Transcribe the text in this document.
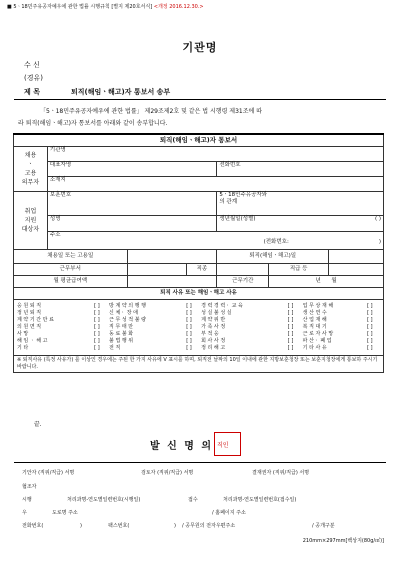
■ 5ㆍ18민주유공자예우에 관한 법률 시행규칙 [별지 제20호서식] <개정 2016.12.30.>
기관명
수 신
(경유)
제 목	퇴직(해임ㆍ해고)자 통보서 송부
「5ㆍ18민주유공자예우에 관한 법률」 제29조제2호 및 같은 법 시행령 제31조에 따
라 퇴직(해임ㆍ해고)자 통보서를 아래와 같이 송부합니다.
퇴직(해임ㆍ해고)자 통보서
채용
ㆍ
고용
의무자	기관명
대표자명	전화번호
소재지
취업
지원
대상자	보훈번호	5ㆍ18민주유공자와의 관계
성명	생년월일(성별)	( )

주소
(전화번호:	)

채용일 또는 고용일		퇴직(해임ㆍ해고)일	
근무부서		직종		직급 등	
월 평균급여액		근무기간	년 월
퇴직 사유 또는 해임ㆍ해고 사유

응 원 퇴 직	[ ]	방 계 약 의 행 행	[ ]	경 력 경 력ㆍ 교 육	[ ]	업 무 상 재 해	[ ]
정 년 퇴 직	[ ]	신 체ㆍ 장 애	[ ]	성 실 불 성 실	[ ]	생 산 연 수	[ ]
계 약 기 간 만 료	[ ]	근 무 성 적 불 량	[ ]	계 약 위 반	[ ]	산 업 재 해	[ ]
의 원 면 직	[ ]	직 무 태 만	[ ]	가 족 사 정	[ ]	복 직 대 기	[ ]
사 망	[ ]	동 료 불 화	[ ]	부 적 응	[ ]	근 로 자 사 망	[ ]
해 임 ㆍ 해 고	[ ]	불 법 행 위	[ ]	회 사 사 정	[ ]	파 산ㆍ 폐 업	[ ]
기 타	[ ]	전 직	[ ]	정 리 해 고	[ ]	기 타 사 유	[ ]

※ 퇴직사유 (특정 사유가) 를 이상인 경우에는 주된 한 가지 사유에 V 표시를 하며, 퇴직전 날짜의 10일 이내에 관한 지방보훈청장 또는 보훈지청장에게 통보하 주시기 바랍니다.
끝.
발 신 명 의 직인
기안자 (직위/직급) 서명	검토자 (직위/직급) 서명	결재권자 (직위/직급) 서명
협조자
시행	처리과명-연도별일련번호(시행일)	접수	처리과명-연도별일련번호(접수일)
우	도로명 주소	/ 홈페이지 주소
전화번호(	)	팩스번호(	) / 공무원의 전자우편주소	/ 공개구분
210mm×297mm[백상지(80g/㎡)]
